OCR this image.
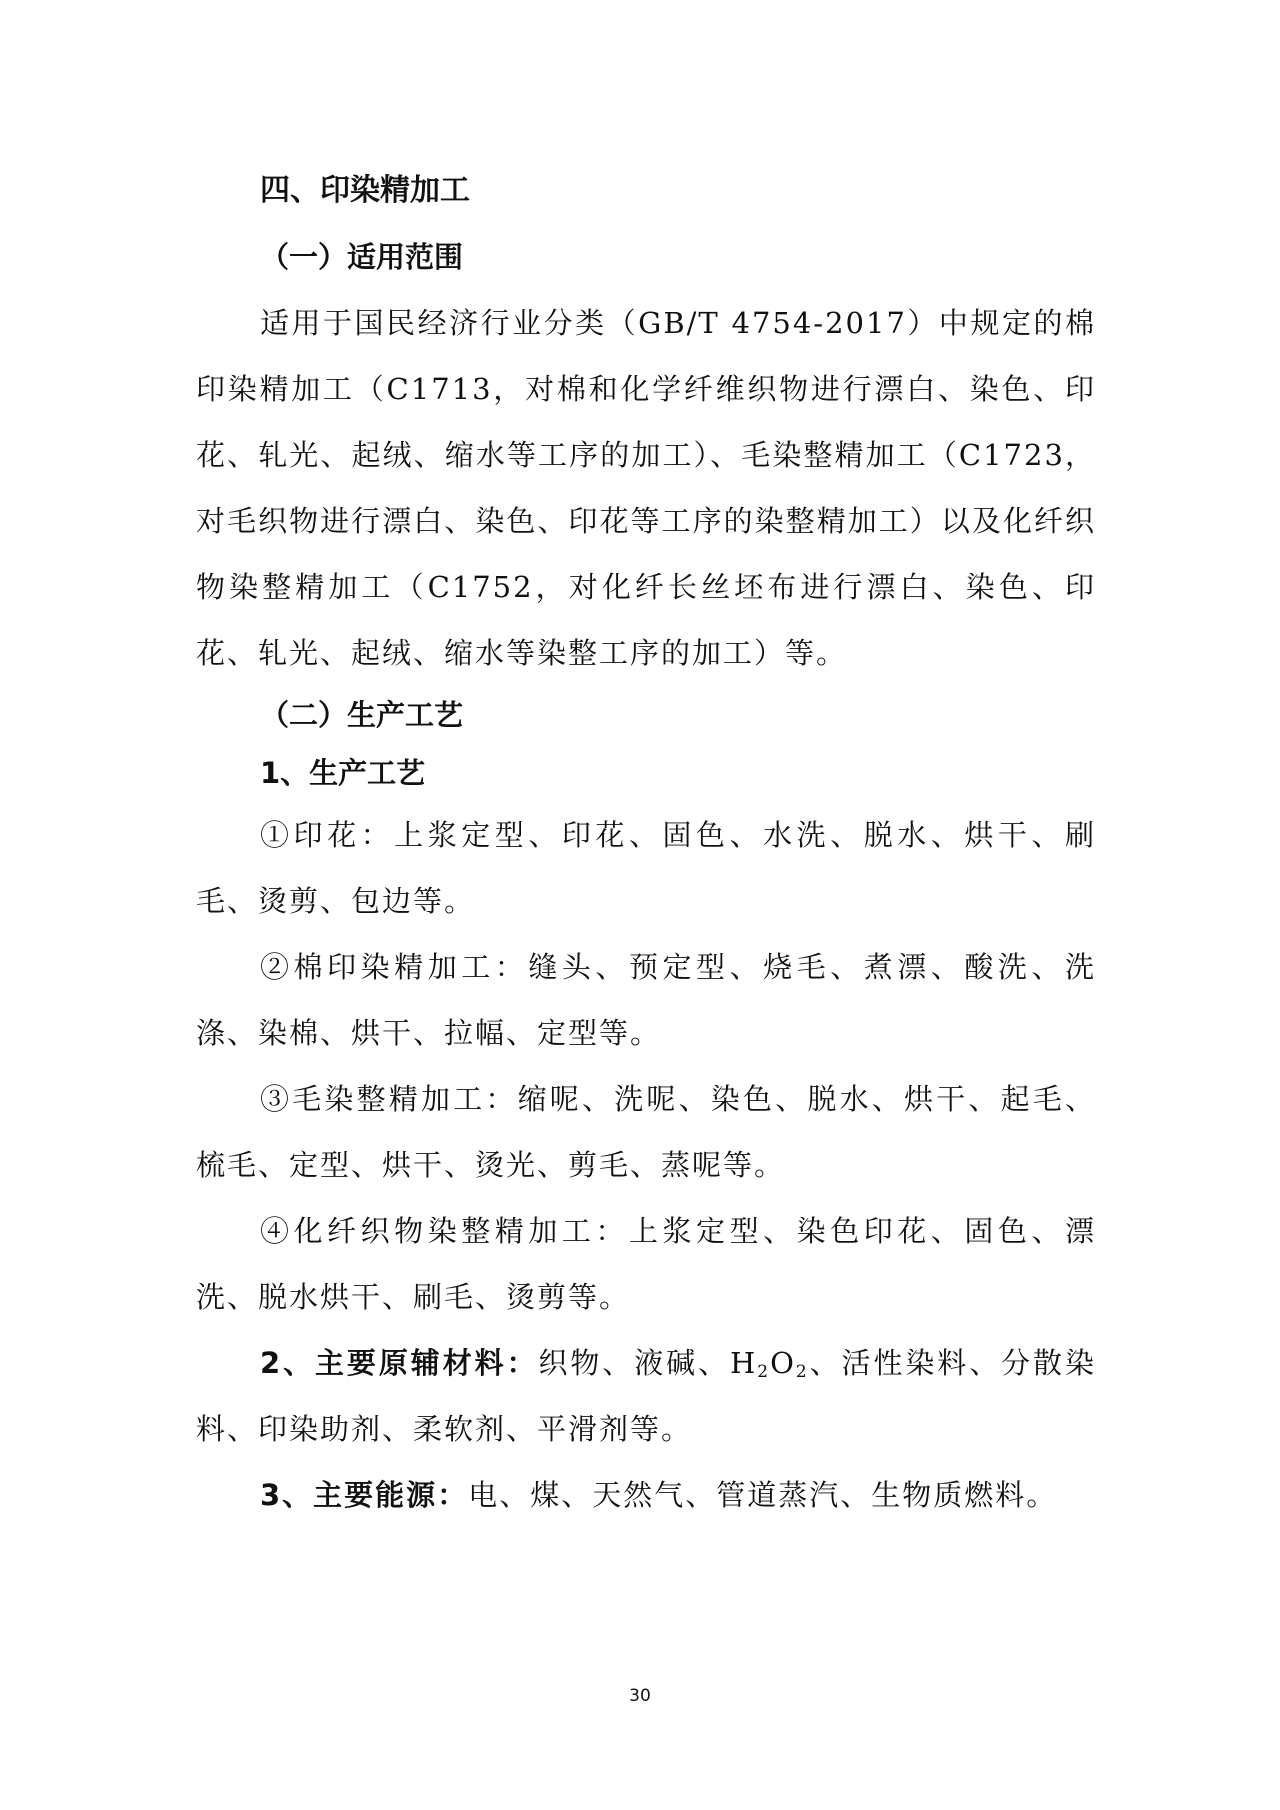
四、印染精加工
（一）适用范围

适用于国民经济行业分类（GB/T 4754-2017）中规定的棉印染精加工（C1713，对棉和化学纤维织物进行漂白、染色、印花、轧光、起绒、缩水等工序的加工）、毛染整精加工（C1723，对毛织物进行漂白、染色、印花等工序的染整精加工）以及化纤织物染整精加工（C1752，对化纤长丝坯布进行漂白、染色、印花、轧光、起绒、缩水等染整工序的加工）等。

（二）生产工艺
1、生产工艺

①印花：上浆定型、印花、固色、水洗、脱水、烘干、刷毛、烫剪、包边等。

②棉印染精加工：缝头、预定型、烧毛、煮漂、酸洗、洗涤、染棉、烘干、拉幅、定型等。

③毛染整精加工：缩呢、洗呢、染色、脱水、烘干、起毛、梳毛、定型、烘干、烫光、剪毛、蒸呢等。

④化纤织物染整精加工：上浆定型、染色印花、固色、漂洗、脱水烘干、刷毛、烫剪等。

2、主要原辅材料：织物、液碱、$H_2O_2$、活性染料、分散染料、印染助剂、柔软剂、平滑剂等。

3、主要能源：电、煤、天然气、管道蒸汽、生物质燃料。

30
